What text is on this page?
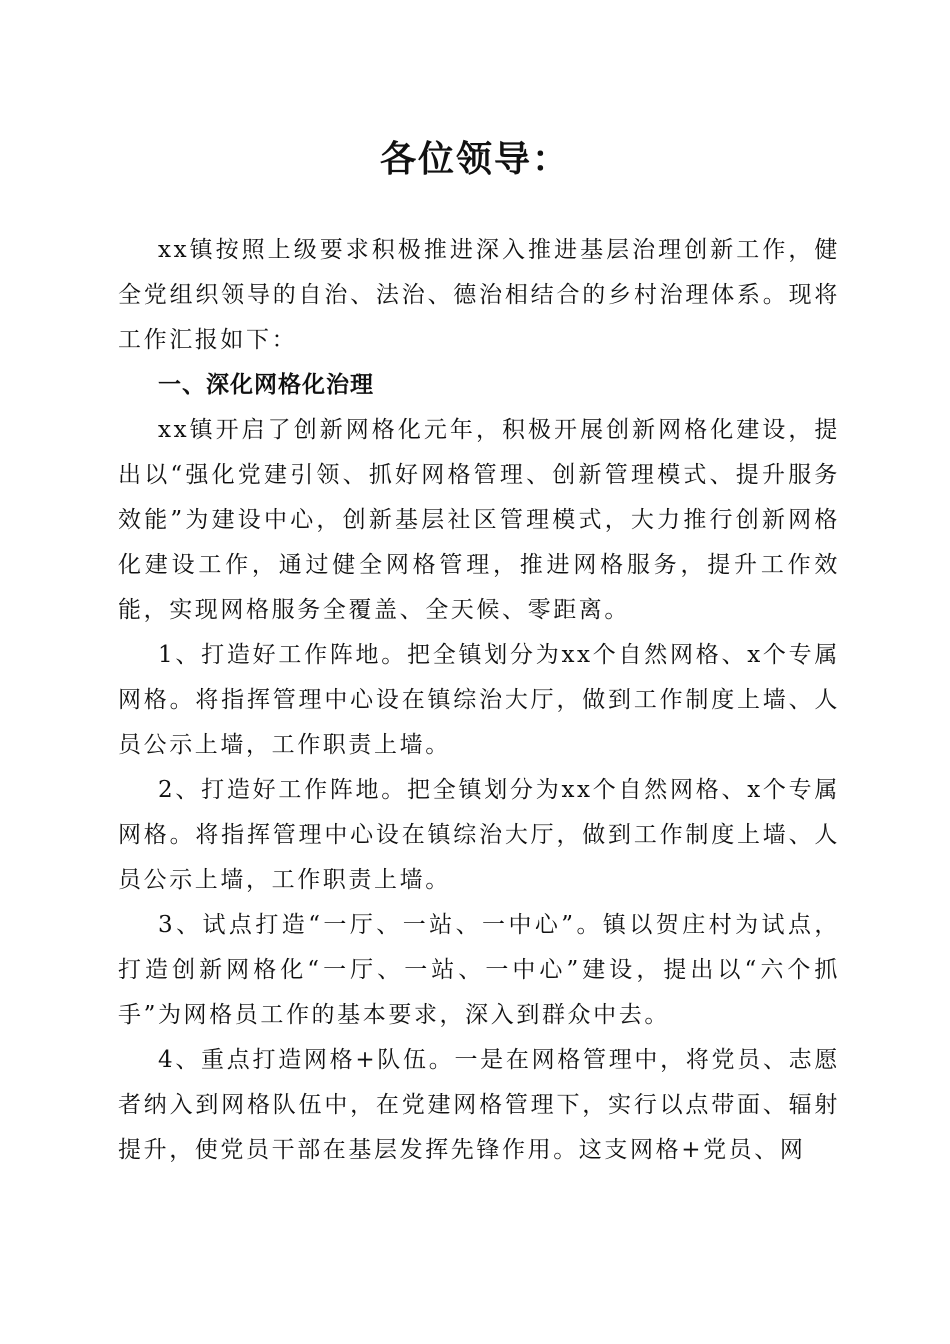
各位领导：

xx镇按照上级要求积极推进深入推进基层治理创新工作，健全党组织领导的自治、法治、德治相结合的乡村治理体系。现将工作汇报如下：

一、深化网格化治理

xx镇开启了创新网格化元年，积极开展创新网格化建设，提出以“强化党建引领、抓好网格管理、创新管理模式、提升服务效能”为建设中心，创新基层社区管理模式，大力推行创新网格化建设工作，通过健全网格管理，推进网格服务，提升工作效能，实现网格服务全覆盖、全天候、零距离。

1、打造好工作阵地。把全镇划分为xx个自然网格、x个专属网格。将指挥管理中心设在镇综治大厅，做到工作制度上墙、人员公示上墙，工作职责上墙。

2、打造好工作阵地。把全镇划分为xx个自然网格、x个专属网格。将指挥管理中心设在镇综治大厅，做到工作制度上墙、人员公示上墙，工作职责上墙。

3、试点打造“一厅、一站、一中心”。镇以贺庄村为试点，打造创新网格化“一厅、一站、一中心”建设，提出以“六个抓手”为网格员工作的基本要求，深入到群众中去。

4、重点打造网格+队伍。一是在网格管理中，将党员、志愿者纳入到网格队伍中，在党建网格管理下，实行以点带面、辐射提升，使党员干部在基层发挥先锋作用。这支网格+党员、网
